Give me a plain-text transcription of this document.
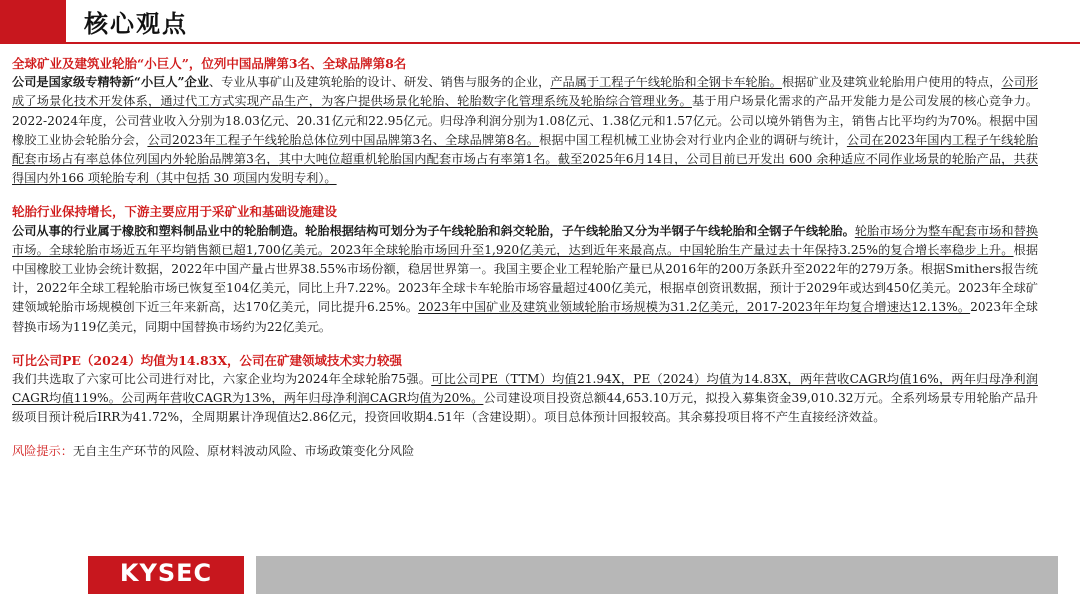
核心观点
全球矿业及建筑业轮胎“小巨人”，位列中国品牌第3名、全球品牌第8名
公司是国家级专精特新“小巨人”企业、专业从事矿山及建筑轮胎的设计、研发、销售与服务的企业，产品属于工程子午线轮胎和全钢卡车轮胎。根据矿业及建筑业轮胎用户使用的特点，公司形成了场景化技术开发体系，通过代工方式实现产品生产，为客户提供场景化轮胎、轮胎数字化管理系统及轮胎综合管理业务。基于用户场景化需求的产品开发能力是公司发展的核心竞争力。2022-2024年度，公司营业收入分别为18.03亿元、20.31亿元和22.95亿元。归母净利润分别为1.08亿元、1.38亿元和1.57亿元。公司以境外销售为主，销售占比平均约为70%。根据中国橡胶工业协会轮胎分会，公司2023年工程子午线轮胎总体位列中国品牌第3名、全球品牌第8名。根据中国工程机械工业协会对行业内企业的调研与统计，公司在2023年国内工程子午线轮胎配套市场占有率总体位列国内外轮胎品牌第3名，其中大吨位超重机轮胎国内配套市场占有率第1名。截至2025年6月14日，公司目前已开发出 600 余种适应不同作业场景的轮胎产品，共获得国内外166 项轮胎专利（其中包括 30 项国内发明专利）。
轮胎行业保持增长，下游主要应用于采矿业和基础设施建设
公司从事的行业属于橡胶和塑料制品业中的轮胎制造。轮胎根据结构可划分为子午线轮胎和斜交轮胎，子午线轮胎又分为半钢子午线轮胎和全钢子午线轮胎。轮胎市场分为整车配套市场和替换市场。全球轮胎市场近五年平均销售额已超1,700亿美元。2023年全球轮胎市场回升至1,920亿美元，达到近年来最高点。中国轮胎生产量过去十年保持3.25%的复合增长率稳步上升。根据中国橡胶工业协会统计数据，2022年中国产量占世界38.55%市场份额，稳居世界第一。我国主要企业工程轮胎产量已从2016年的200万条跃升至2022年的279万条。根据Smithers报告统计，2022年全球工程轮胎市场已恢复至104亿美元，同比上升7.22%。2023年全球卡车轮胎市场容量超过400亿美元，根据卓创资讯数据，预计于2029年或达到450亿美元。2023年全球矿建领域轮胎市场规模创下近三年来新高，达170亿美元，同比提升6.25%。2023年中国矿业及建筑业领域轮胎市场规模为31.2亿美元，2017-2023年年均复合增速达12.13%。2023年全球替换市场为119亿美元，同期中国替换市场约为22亿美元。
可比公司PE（2024）均值为14.83X，公司在矿建领域技术实力较强
我们共选取了六家可比公司进行对比，六家企业均为2024年全球轮胎75强。可比公司PE（TTM）均值21.94X，PE（2024）均值为14.83X，两年营收CAGR均值16%，两年归母净利润CAGR均值119%。公司两年营收CAGR为13%，两年归母净利润CAGR均值为20%。公司建设项目投资总额44,653.10万元，拟投入募集资金39,010.32万元。全系列场景专用轮胎产品升级项目预计税后IRR为41.72%，全周期累计净现值达2.86亿元，投资回收期4.51年（含建设期）。项目总体预计回报较高。其余募投项目将不产生直接经济效益。
风险提示：无自主生产环节的风险、原材料波动风险、市场政策变化分风险
KYSEC
